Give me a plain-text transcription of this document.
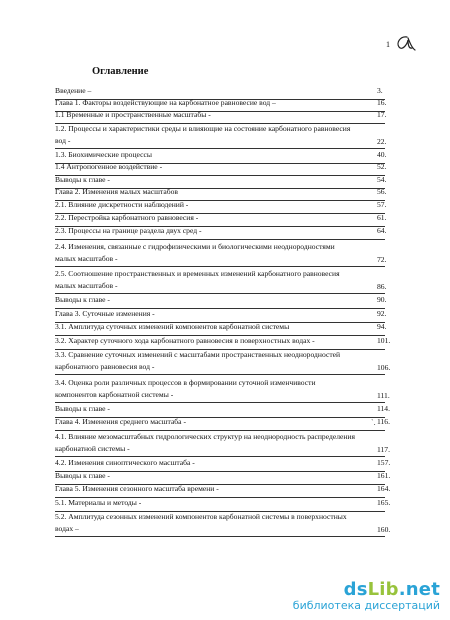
1
Оглавление
Введение –	3.
Глава 1. Факторы воздействующие на карбонатное равновесие вод –	16.
1.1 Временные и пространственные масштабы -	17.
1.2. Процессы и характеристики среды и влияющие на состояние карбонатного равновесия вод -	22.
1.3. Биохимические процессы	40.
1.4 Антропогенное воздействие -	52.
Выводы к главе -	54.
Глава 2. Изменения малых масштабов	56.
2.1. Влияние дискретности наблюдений -	57.
2.2. Перестройка карбонатного равновесия -	61.
2.3. Процессы на границе раздела двух сред -	64.
2.4. Изменения, связанные с гидрофизическими и биологическими неоднородностями малых масштабов -	72.
2.5. Соотношение пространственных и временных изменений карбонатного равновесия малых масштабов -	86.
Выводы к главе -	90.
Глава 3. Суточные изменения -	92.
3.1. Амплитуда суточных изменений компонентов карбонатной системы	94.
3.2. Характер суточного хода карбонатного равновесия в поверхностных водах -	101.
3.3. Сравнение суточных изменений с масштабами пространственных неоднородностей карбонатного равновесия вод -	106.
3.4. Оценка роли различных процессов в формировании суточной изменчивости компонентов карбонатной системы -	111.
Выводы к главе -	114.
Глава 4. Изменения среднего масштаба -	116.
4.1. Влияние мезомасштабных гидрологических структур на неоднородность распределения карбонатной системы -	117.
4.2. Изменения синоптического масштаба -	157.
Выводы к главе -	161.
Глава 5. Изменения сезонного масштаба времени -	164.
5.1. Материалы и методы -	165.
5.2. Амплитуда сезонных изменений компонентов карбонатной системы в поверхностных водах –	160.
`.
dsLib.net
библиотека диссертаций
